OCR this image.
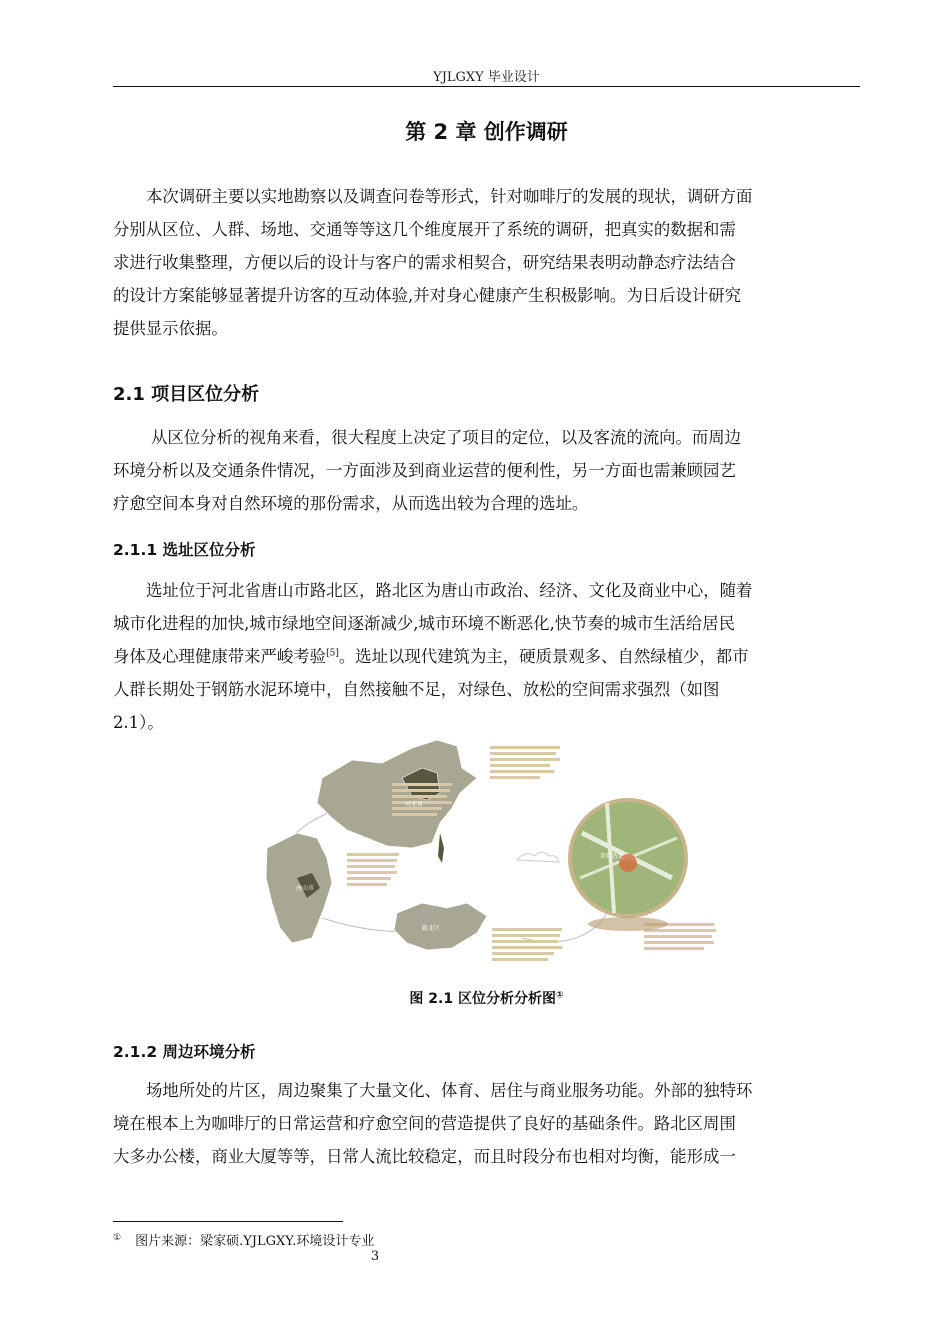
YJLGXY 毕业设计
第 2 章 创作调研

本次调研主要以实地勘察以及调查问卷等形式，针对咖啡厅的发展的现状，调研方面

分别从区位、人群、场地、交通等等这几个维度展开了系统的调研，把真实的数据和需

求进行收集整理，方便以后的设计与客户的需求相契合，研究结果表明动静态疗法结合

的设计方案能够显著提升访客的互动体验,并对身心健康产生积极影响。为日后设计研究

提供显示依据。

2.1 项目区位分析

从区位分析的视角来看，很大程度上决定了项目的定位，以及客流的流向。而周边

环境分析以及交通条件情况，一方面涉及到商业运营的便利性，另一方面也需兼顾园艺

疗愈空间本身对自然环境的那份需求，从而选出较为合理的选址。

2.1.1 选址区位分析

选址位于河北省唐山市路北区，路北区为唐山市政治、经济、文化及商业中心，随着

城市化进程的加快,城市绿地空间逐渐减少,城市环境不断恶化,快节奏的城市生活给居民

身体及心理健康带来严峻考验[5]。选址以现代建筑为主，硬质景观多、自然绿植少，都市

人群长期处于钢筋水泥环境中，自然接触不足，对绿色、放松的空间需求强烈（如图

2.1）。

河北省
唐山市
路北区
项目选址
图 2.1 区位分析分析图①
2.1.2 周边环境分析

场地所处的片区，周边聚集了大量文化、体育、居住与商业服务功能。外部的独特环

境在根本上为咖啡厅的日常运营和疗愈空间的营造提供了良好的基础条件。路北区周围

大多办公楼，商业大厦等等，日常人流比较稳定，而且时段分布也相对均衡，能形成一

① 图片来源：梁家硕.YJLGXY.环境设计专业
3
